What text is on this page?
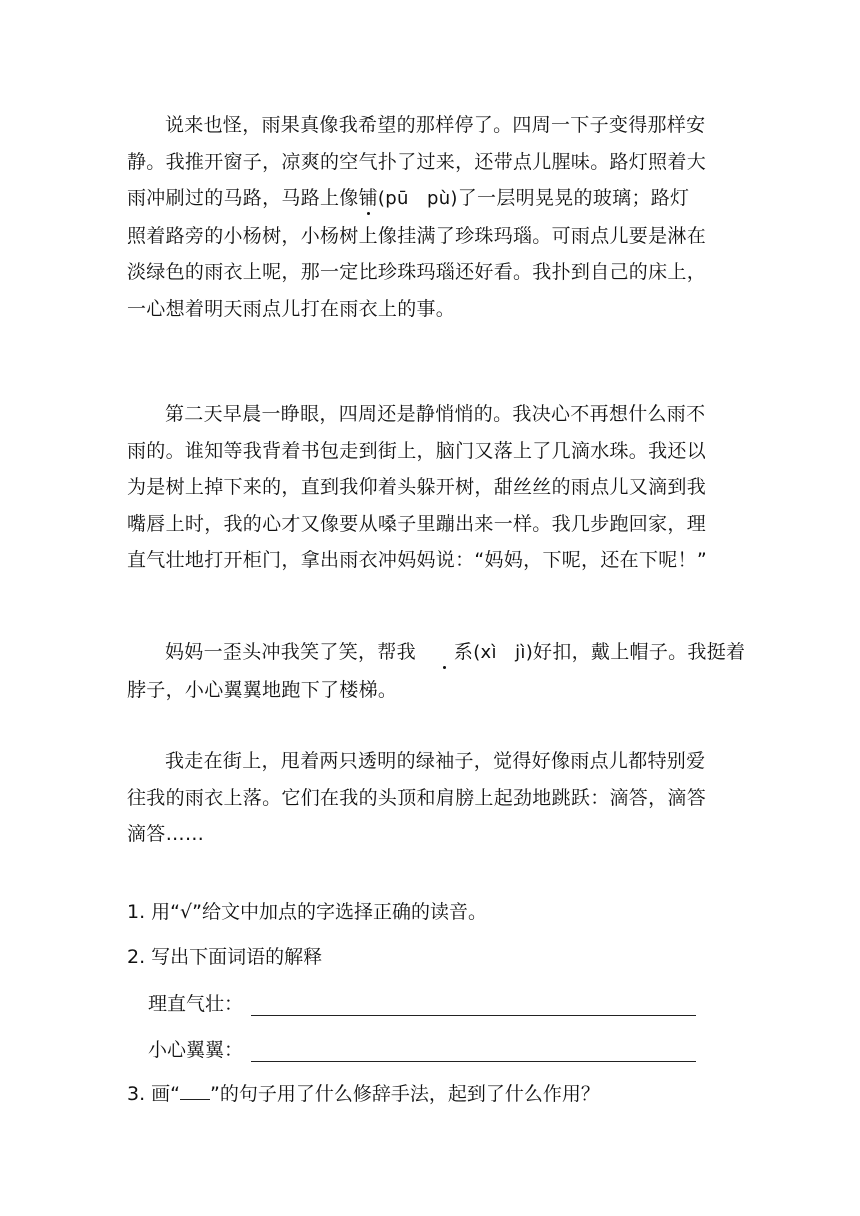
说来也怪，雨果真像我希望的那样停了。四周一下子变得那样安
静。我推开窗子，凉爽的空气扑了过来，还带点儿腥味。路灯照着大
雨冲刷过的马路，马路上像铺(pū　pù)了一层明晃晃的玻璃；路灯
照着路旁的小杨树，小杨树上像挂满了珍珠玛瑙。可雨点儿要是淋在
淡绿色的雨衣上呢，那一定比珍珠玛瑙还好看。我扑到自己的床上，
一心想着明天雨点儿打在雨衣上的事。
第二天早晨一睁眼，四周还是静悄悄的。我决心不再想什么雨不
雨的。谁知等我背着书包走到街上，脑门又落上了几滴水珠。我还以
为是树上掉下来的，直到我仰着头躲开树，甜丝丝的雨点儿又滴到我
嘴唇上时，我的心才又像要从嗓子里蹦出来一样。我几步跑回家，理
直气壮地打开柜门，拿出雨衣冲妈妈说：“妈妈，下呢，还在下呢！”
妈妈一歪头冲我笑了笑，帮我 系(xì　jì)好扣，戴上帽子。我挺着
脖子，小心翼翼地跑下了楼梯。
我走在街上，甩着两只透明的绿袖子，觉得好像雨点儿都特别爱
往我的雨衣上落。它们在我的头顶和肩膀上起劲地跳跃：滴答，滴答
滴答……

1. 用“√”给文中加点的字选择正确的读音。

2. 写出下面词语的解释

理直气壮：
小心翼翼：

3. 画“ ”的句子用了什么修辞手法，起到了什么作用？
